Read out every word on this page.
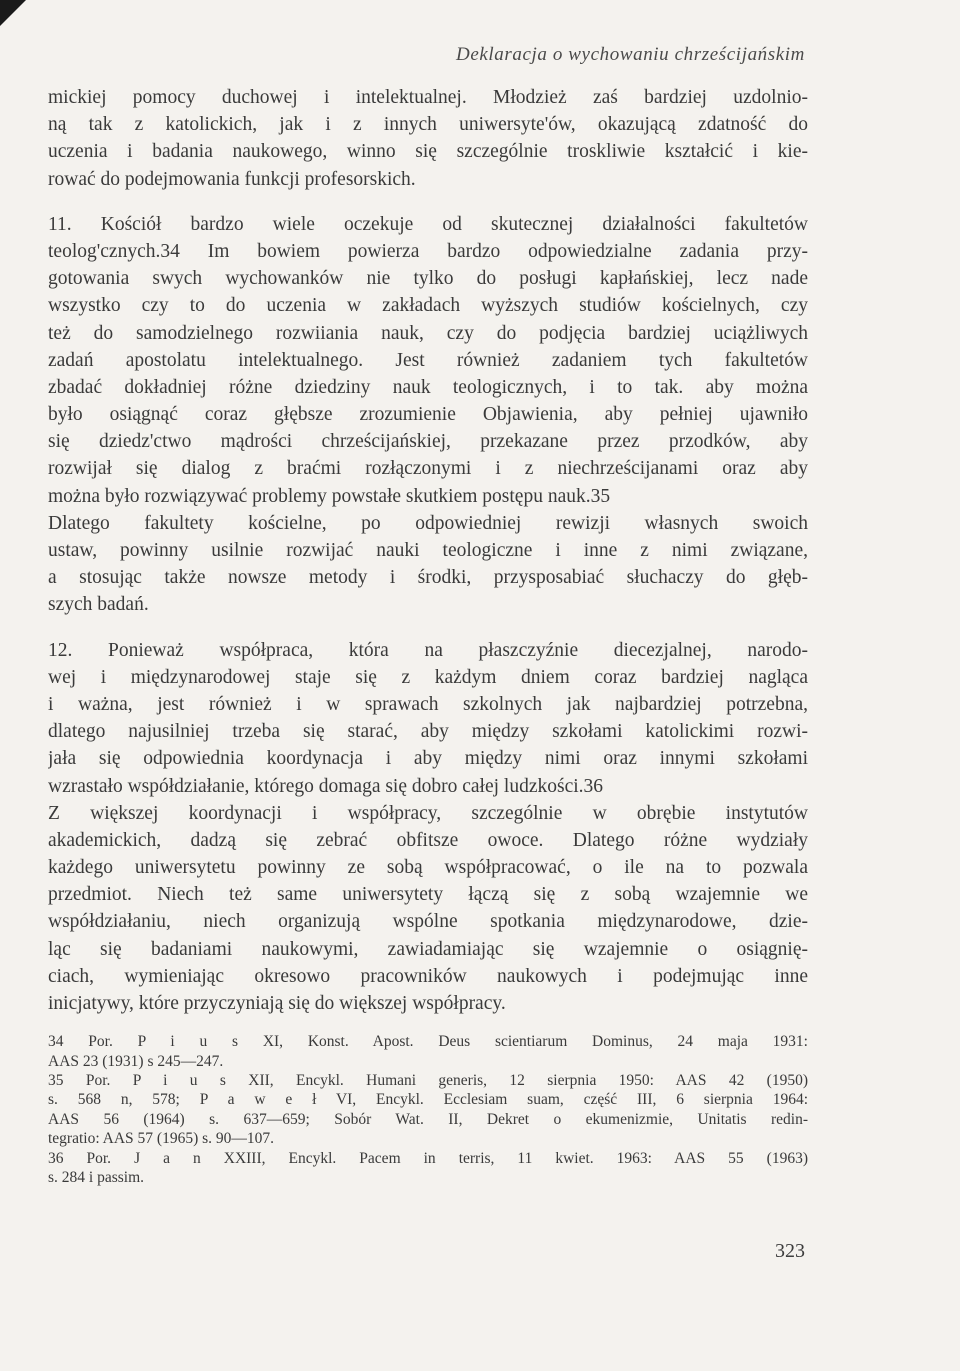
Deklaracja o wychowaniu chrześcijańskim
mickiej pomocy duchowej i intelektualnej. Młodzież zaś bardziej uzdolnio-
ną tak z katolickich, jak i z innych uniwersyte'ów, okazującą zdatność do
uczenia i badania naukowego, winno się szczególnie troskliwie kształcić i kie-
rować do podejmowania funkcji profesorskich.
11. Kościół bardzo wiele oczekuje od skutecznej działalności fakultetów
teolog'cznych.34 Im bowiem powierza bardzo odpowiedzialne zadania przy-
gotowania swych wychowanków nie tylko do posługi kapłańskiej, lecz nade
wszystko czy to do uczenia w zakładach wyższych studiów kościelnych, czy
też do samodzielnego rozwiiania nauk, czy do podjęcia bardziej uciążliwych
zadań apostolatu intelektualnego. Jest również zadaniem tych fakultetów
zbadać dokładniej różne dziedziny nauk teologicznych, i to tak. aby można
było osiągnąć coraz głębsze zrozumienie Objawienia, aby pełniej ujawniło
się dziedz'ctwo mądrości chrześcijańskiej, przekazane przez przodków, aby
rozwijał się dialog z braćmi rozłączonymi i z niechrześcijanami oraz aby
można było rozwiązywać problemy powstałe skutkiem postępu nauk.35
Dlatego fakultety kościelne, po odpowiedniej rewizji własnych swoich
ustaw, powinny usilnie rozwijać nauki teologiczne i inne z nimi związane,
a stosując także nowsze metody i środki, przysposabiać słuchaczy do głęb-
szych badań.
12. Ponieważ współpraca, która na płaszczyźnie diecezjalnej, narodo-
wej i międzynarodowej staje się z każdym dniem coraz bardziej nagląca
i ważna, jest również i w sprawach szkolnych jak najbardziej potrzebna,
dlatego najusilniej trzeba się starać, aby między szkołami katolickimi rozwi-
jała się odpowiednia koordynacja i aby między nimi oraz innymi szkołami
wzrastało współdziałanie, którego domaga się dobro całej ludzkości.36
Z większej koordynacji i współpracy, szczególnie w obrębie instytutów
akademickich, dadzą się zebrać obfitsze owoce. Dlatego różne wydziały
każdego uniwersytetu powinny ze sobą współpracować, o ile na to pozwala
przedmiot. Niech też same uniwersytety łączą się z sobą wzajemnie we
współdziałaniu, niech organizują wspólne spotkania międzynarodowe, dzie-
ląc się badaniami naukowymi, zawiadamiając się wzajemnie o osiągnię-
ciach, wymieniając okresowo pracowników naukowych i podejmując inne
inicjatywy, które przyczyniają się do większej współpracy.
34 Por. P i u s XI, Konst. Apost. Deus scientiarum Dominus, 24 maja 1931:
AAS 23 (1931) s 245—247.
35 Por. P i u s XII, Encykl. Humani generis, 12 sierpnia 1950: AAS 42 (1950)
s. 568 n, 578; P a w e ł VI, Encykl. Ecclesiam suam, część III, 6 sierpnia 1964:
AAS 56 (1964) s. 637—659; Sobór Wat. II, Dekret o ekumenizmie, Unitatis redin-
tegratio: AAS 57 (1965) s. 90—107.
36 Por. J a n XXIII, Encykl. Pacem in terris, 11 kwiet. 1963: AAS 55 (1963)
s. 284 i passim.
323
